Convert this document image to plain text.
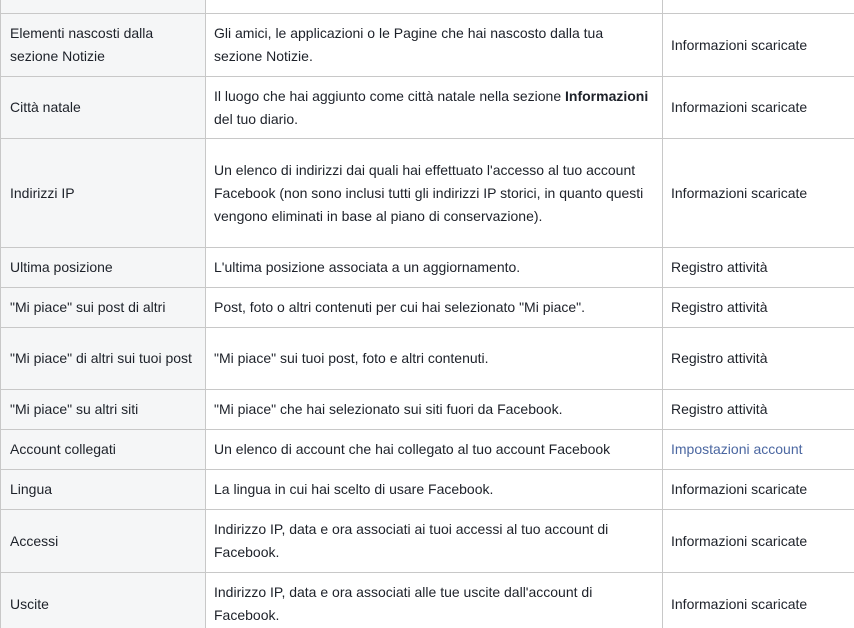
Elementi nascosti dalla sezione Notizie	Gli amici, le applicazioni o le Pagine che hai nascosto dalla tua sezione Notizie.	Informazioni scaricate
Città natale	Il luogo che hai aggiunto come città natale nella sezione Informazioni del tuo diario.	Informazioni scaricate
Indirizzi IP	Un elenco di indirizzi dai quali hai effettuato l'accesso al tuo account Facebook (non sono inclusi tutti gli indirizzi IP storici, in quanto questi vengono eliminati in base al piano di conservazione).	Informazioni scaricate
Ultima posizione	L'ultima posizione associata a un aggiornamento.	Registro attività
"Mi piace" sui post di altri	Post, foto o altri contenuti per cui hai selezionato "Mi piace".	Registro attività
"Mi piace" di altri sui tuoi post	"Mi piace" sui tuoi post, foto e altri contenuti.	Registro attività
"Mi piace" su altri siti	"Mi piace" che hai selezionato sui siti fuori da Facebook.	Registro attività
Account collegati	Un elenco di account che hai collegato al tuo account Facebook	Impostazioni account
Lingua	La lingua in cui hai scelto di usare Facebook.	Informazioni scaricate
Accessi	Indirizzo IP, data e ora associati ai tuoi accessi al tuo account di Facebook.	Informazioni scaricate
Uscite	Indirizzo IP, data e ora associati alle tue uscite dall'account di Facebook.	Informazioni scaricate
